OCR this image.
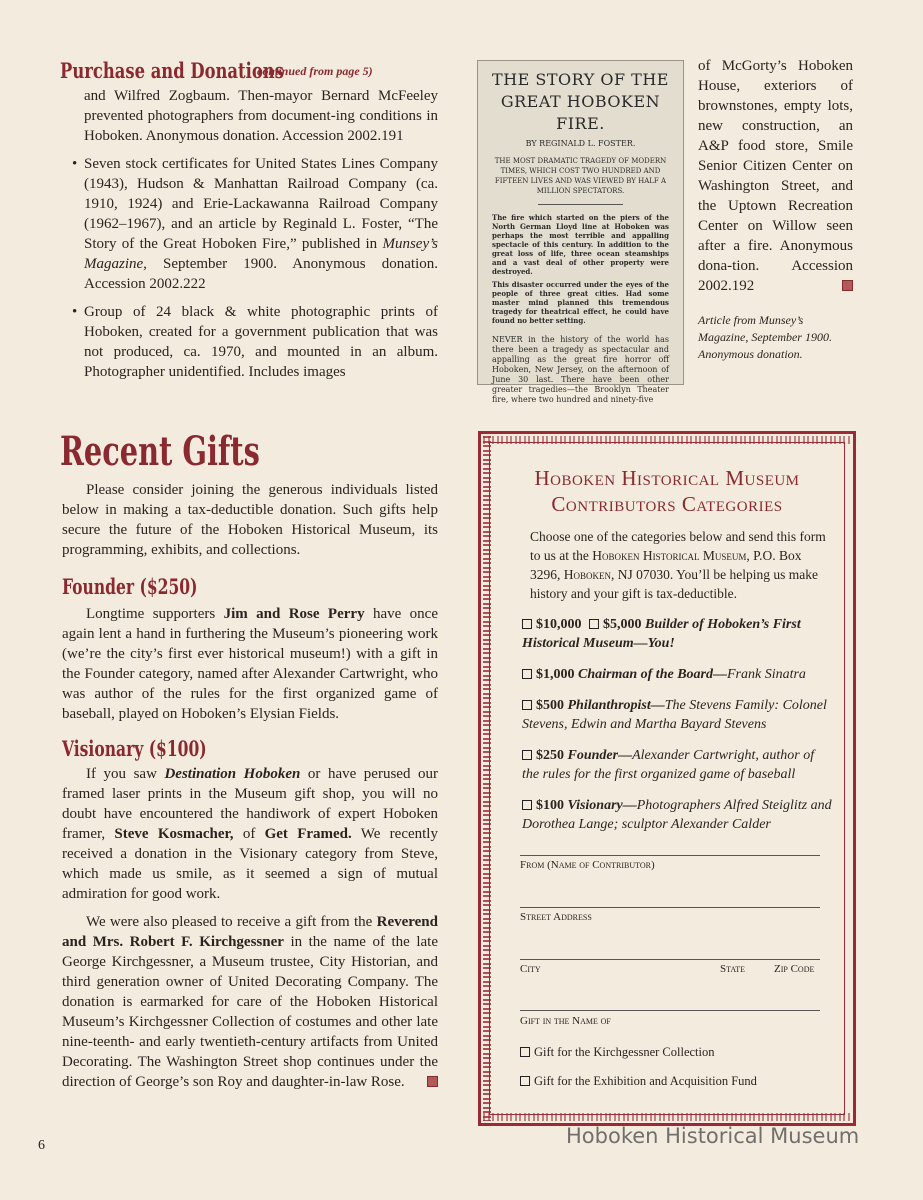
Purchase and Donations(continued from page 5)

and Wilfred Zogbaum. Then-mayor Bernard McFeeley prevented photographers from document-ing conditions in Hoboken. Anonymous donation. Accession 2002.191

• Seven stock certificates for United States Lines Company (1943), Hudson & Manhattan Railroad Company (ca. 1910, 1924) and Erie-Lackawanna Railroad Company (1962–1967), and an article by Reginald L. Foster, “The Story of the Great Hoboken Fire,” published in Munsey’s Magazine, September 1900. Anonymous donation. Accession 2002.222

• Group of 24 black & white photographic prints of Hoboken, created for a government publication that was not produced, ca. 1970, and mounted in an album. Photographer unidentified. Includes images

THE STORY OF THE
GREAT HOBOKEN FIRE.
BY REGINALD L. FOSTER.
THE MOST DRAMATIC TRAGEDY OF MODERN TIMES, WHICH COST TWO HUNDRED AND FIFTEEN LIVES AND WAS VIEWED BY HALF A MILLION SPECTATORS.
The fire which started on the piers of the North German Lloyd line at Hoboken was perhaps the most terrible and appalling spectacle of this century. In addition to the great loss of life, three ocean steamships and a vast deal of other property were destroyed.
This disaster occurred under the eyes of the people of three great cities. Had some master mind planned this tremendous tragedy for theatrical effect, he could have found no better setting.
NEVER in the history of the world has there been a tragedy as spectacular and appalling as the great fire horror off Hoboken, New Jersey, on the afternoon of June 30 last. There have been other greater tragedies—the Brooklyn Theater fire, where two hundred and ninety-five

of McGorty’s Hoboken House, exteriors of brownstones, empty lots, new construction, an A&P food store, Smile Senior Citizen Center on Washington Street, and the Uptown Recreation Center on Willow seen after a fire. Anonymous dona-tion. Accession 2002.192

Article from Munsey’s Magazine, September 1900. Anonymous donation.

Recent Gifts

Please consider joining the generous individuals listed below in making a tax-deductible donation. Such gifts help secure the future of the Hoboken Historical Museum, its programming, exhibits, and collections.

Founder ($250)

Longtime supporters Jim and Rose Perry have once again lent a hand in furthering the Museum’s pioneering work (we’re the city’s first ever historical museum!) with a gift in the Founder category, named after Alexander Cartwright, who was author of the rules for the first organized game of baseball, played on Hoboken’s Elysian Fields.

Visionary ($100)

If you saw Destination Hoboken or have perused our framed laser prints in the Museum gift shop, you will no doubt have encountered the handiwork of expert Hoboken framer, Steve Kosmacher, of Get Framed. We recently received a donation in the Visionary category from Steve, which made us smile, as it seemed a sign of mutual admiration for good work.

We were also pleased to receive a gift from the Reverend and Mrs. Robert F. Kirchgessner in the name of the late George Kirchgessner, a Museum trustee, City Historian, and third generation owner of United Decorating Company. The donation is earmarked for care of the Hoboken Historical Museum’s Kirchgessner Collection of costumes and other late nine-teenth- and early twentieth-century artifacts from United Decorating. The Washington Street shop continues under the direction of George’s son Roy and daughter-in-law Rose.

Hoboken Historical Museum
Contributors Categories

Choose one of the categories below and send this form to us at the Hoboken Historical Museum, P.O. Box 3296, Hoboken, NJ 07030. You’ll be helping us make history and your gift is tax-deductible.

$10,000 $5,000 Builder of Hoboken’s First Historical Museum—You!
$1,000 Chairman of the Board—Frank Sinatra
$500 Philanthropist—The Stevens Family: Colonel Stevens, Edwin and Martha Bayard Stevens
$250 Founder—Alexander Cartwright, author of the rules for the first organized game of baseball
$100 Visionary—Photographers Alfred Steiglitz and Dorothea Lange; sculptor Alexander Calder
From (Name of Contributor)
Street Address
City	State	Zip Code
Gift in the Name of
Gift for the Kirchgessner Collection
Gift for the Exhibition and Acquisition Fund
6	Hoboken Historical Museum
